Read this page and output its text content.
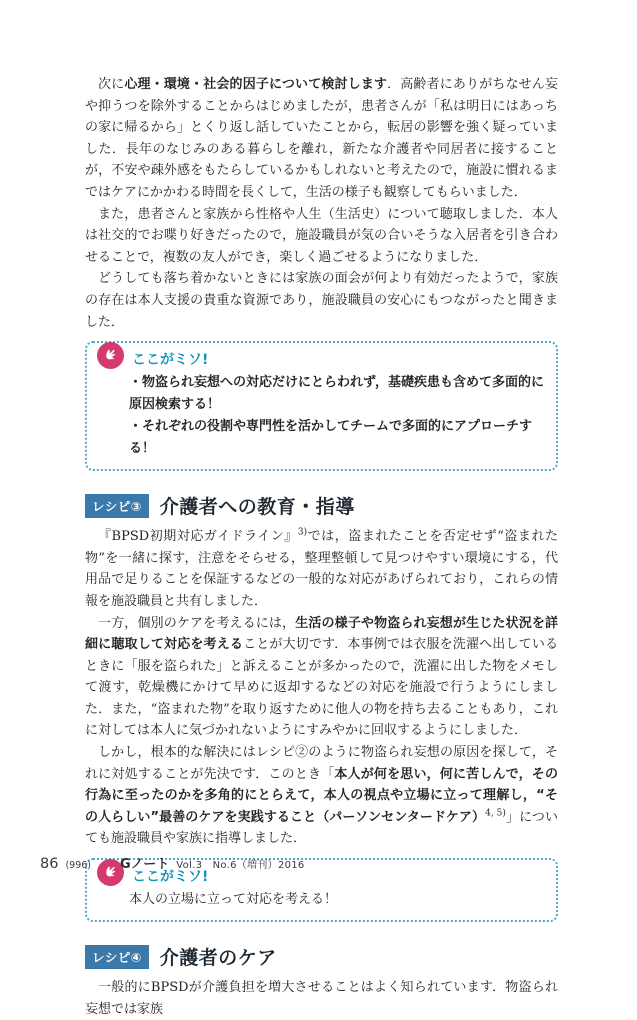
次に心理・環境・社会的因子について検討します．高齢者にありがちなせん妄や抑うつを除外することからはじめましたが，患者さんが「私は明日にはあっちの家に帰るから」とくり返し話していたことから，転居の影響を強く疑っていました．長年のなじみのある暮らしを離れ，新たな介護者や同居者に接することが，不安や疎外感をもたらしているかもしれないと考えたので，施設に慣れるまではケアにかかわる時間を長くして，生活の様子も観察してもらいました．

また，患者さんと家族から性格や人生（生活史）について聴取しました．本人は社交的でお喋り好きだったので，施設職員が気の合いそうな入居者を引き合わせることで，複数の友人ができ，楽しく過ごせるようになりました．

どうしても落ち着かないときには家族の面会が何より有効だったようで，家族の存在は本人支援の貴重な資源であり，施設職員の安心にもつながったと聞きました．

ここがミソ!
・物盗られ妄想への対応だけにとらわれず，基礎疾患も含めて多面的に原因検索する！
・それぞれの役割や専門性を活かしてチームで多面的にアプローチする！
レシピ③ 介護者への教育・指導

『BPSD初期対応ガイドライン』$^{3)}$では，盗まれたことを否定せず“盗まれた物”を一緒に探す，注意をそらせる，整理整頓して見つけやすい環境にする，代用品で足りることを保証するなどの一般的な対応があげられており，これらの情報を施設職員と共有しました．

一方，個別のケアを考えるには，生活の様子や物盗られ妄想が生じた状況を詳細に聴取して対応を考えることが大切です．本事例では衣服を洗濯へ出しているときに「服を盗られた」と訴えることが多かったので，洗濯に出した物をメモして渡す，乾燥機にかけて早めに返却するなどの対応を施設で行うようにしました．また，“盗まれた物”を取り返すために他人の物を持ち去ることもあり，これに対しては本人に気づかれないようにすみやかに回収するようにしました．

しかし，根本的な解決にはレシピ②のように物盗られ妄想の原因を探して，それに対処することが先決です．このとき「本人が何を思い，何に苦しんで，その行為に至ったのかを多角的にとらえて，本人の視点や立場に立って理解し，“その人らしい”最善のケアを実践すること（パーソンセンタードケア）$^{4, 5)}$」についても施設職員や家族に指導しました．

ここがミソ!
本人の立場に立って対応を考える！
レシピ④ 介護者のケア

一般的にBPSDが介護負担を増大させることはよく知られています．物盗られ妄想では家族

86 (996) Gノート Vol.3　No.6（増刊）2016
